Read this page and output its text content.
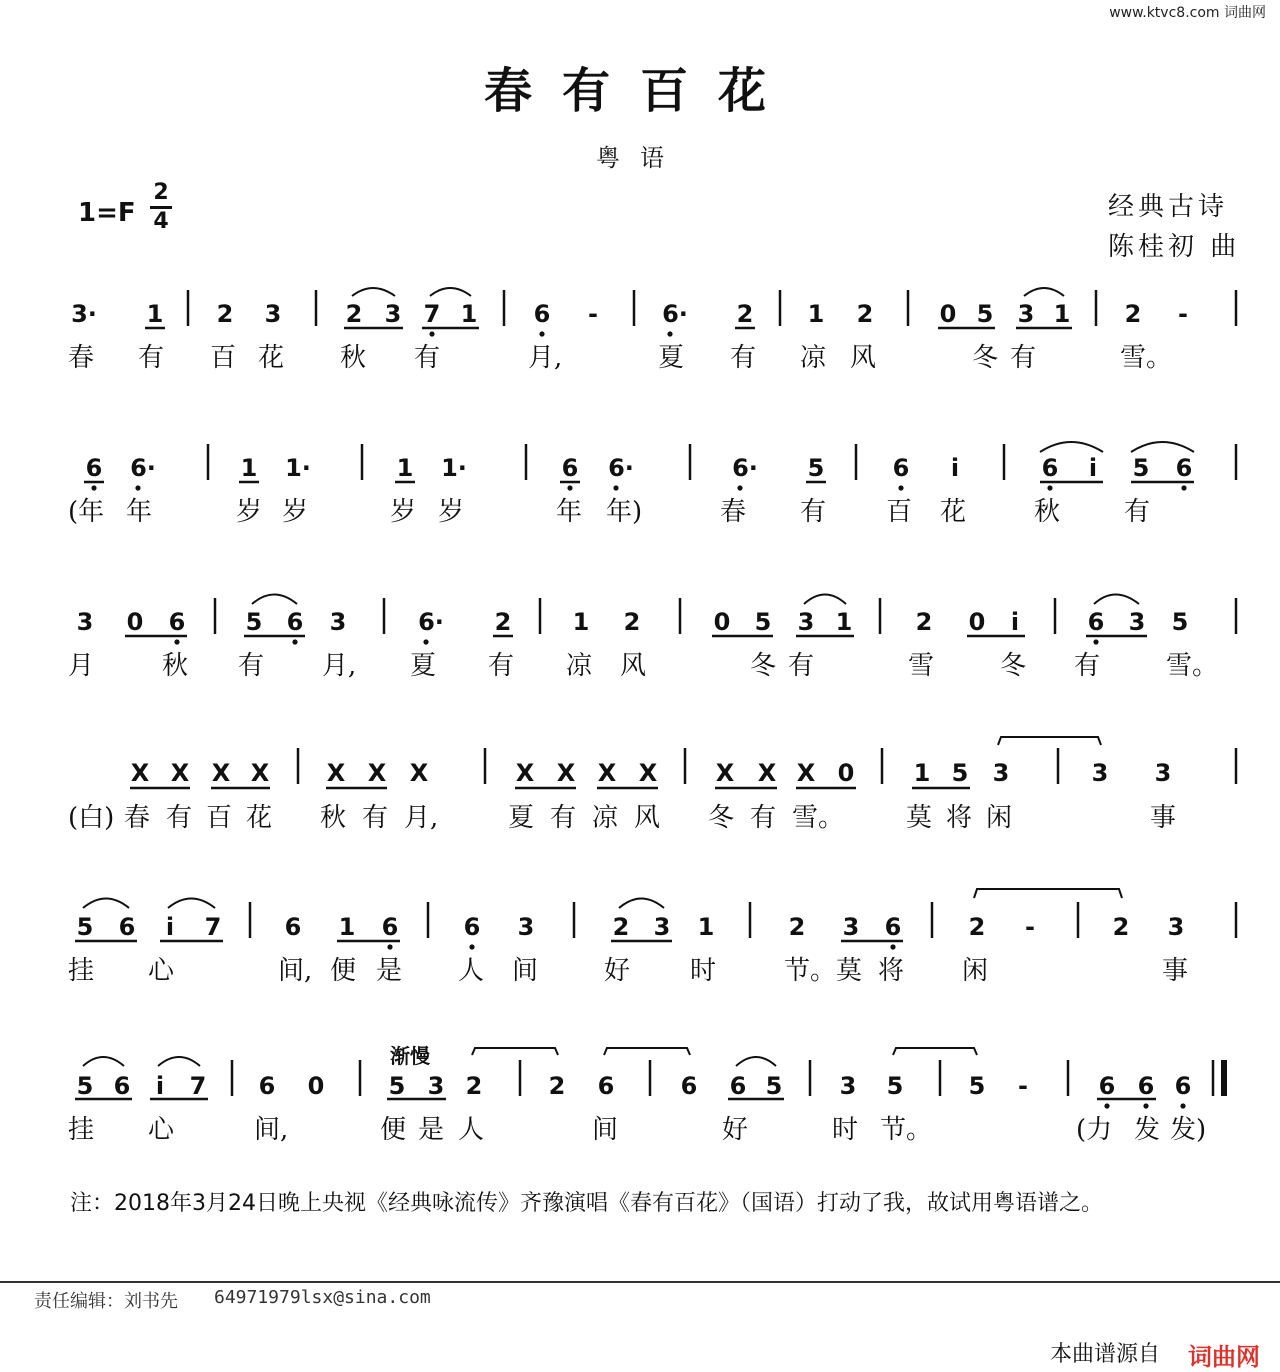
www.ktvc8.com 词曲网
春有百花
粤语
1=F
2
4	经典古诗
陈桂初 曲
3· 1 2 3	2 3 7 1 6 -	6· 2 1 2	0 5 3 1 2 -
春 有 百 花 秋 有	月,	夏 有 凉 风	冬 有	雪。
6 6·	1 1·	1 1·	6 6·	6· 5	6 i	6 i 5 6
(年 年	岁 岁	岁 岁	年 年)	春 有 百 花	秋 有
3 0 6	5 6 3	6· 2	1 2	0 5 3 1	2 0 i	6 3 5
月	秋 有 月, 夏 有 凉 风	冬 有	雪	冬 有	雪。
X X X X X X X	X X X X X X X 0 1 5 3	3 3
(白) 春 有 百 花 秋 有 月,	夏 有 凉 风 冬 有 雪。 莫 将 闲	事
5 6 i 7	6 1 6	6 3	2 3 1	2 3 6	2 -	2 3
挂 心	间, 便 是 人 间	好 时	节。 莫 将 闲	事
渐慢
5 6 i 7 6 0	5 3 2	2 6	6 6 5 3 5	5 -	6 6 6
挂 心	间,	便 是 人	间	好	时 节。	(力 发 发)
注：2018年3月24日晚上央视《经典咏流传》齐豫演唱《春有百花》（国语）打动了我，故试用粤语谱之。
责任编辑：刘书先 64971979lsx@sina.com
本曲谱源自 词曲网
